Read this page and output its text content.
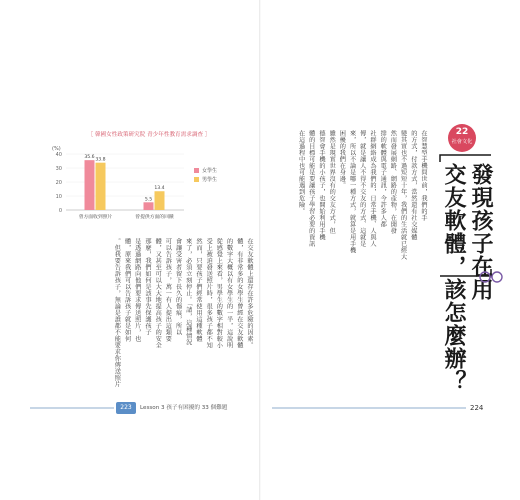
［ 韓國女性政策研究院 青少年性教育需求調查 ］
(%)
0
10
20
30
40	35.6
33.8
曾方面收到照片
5.5
13.4
曾提供方面的回饋
女學生
男學生
在交友軟體上還存在許多危險的因素。
體，有非常多的女學生曾經在交友軟體
的數字大概以有女學生的一半，這說明
從感覺上來看，男學生的數字相對較小
受上被迫發送照片時，很多孩子都不知
然而，只要孩子們經常使用這種軟體
來了，必須立刻停止。「請，這種情況
會讓受害者留下長久的傷痕，所以
可以告訴孩子，萬一有人提出這類要
體，又甚至可以大大地提高孩子的安全
那麼，我們如何是該事先保護孩子
是透過網路向他們要求傳送照片，也
體，原來我們可以告訴孩子就是如何
。但我要告訴孩子，無論是誰都不能要求你傳送照片
在智慧型手機問世前，我們的手
的方式，付款方式，當然還有社交媒體
變其實也不過短短十年，我們的生活就已經大
然而發展網路、網路的產物，在開發
排的軟體與電子通訊，今許多人都
社群網絡成為我們的，日常手機、人與人
傳，就是讓人不得不交友的方式、這就是
來，所以不論是哪一種方式，就算是用手機
困擾的我們在身邊。
雖然是現實世界沒有的交友方式，但
德智會手機的小孩子，也開始利用手機
體的目標可能是要讓孩子學習必要的資訊
在這過程中也可能遇到危險。	22
社會文化
發現孩子在用
交友軟體，該怎麼辦？
223	Lesson 3 孩子有困擾的 33 個難題	224
